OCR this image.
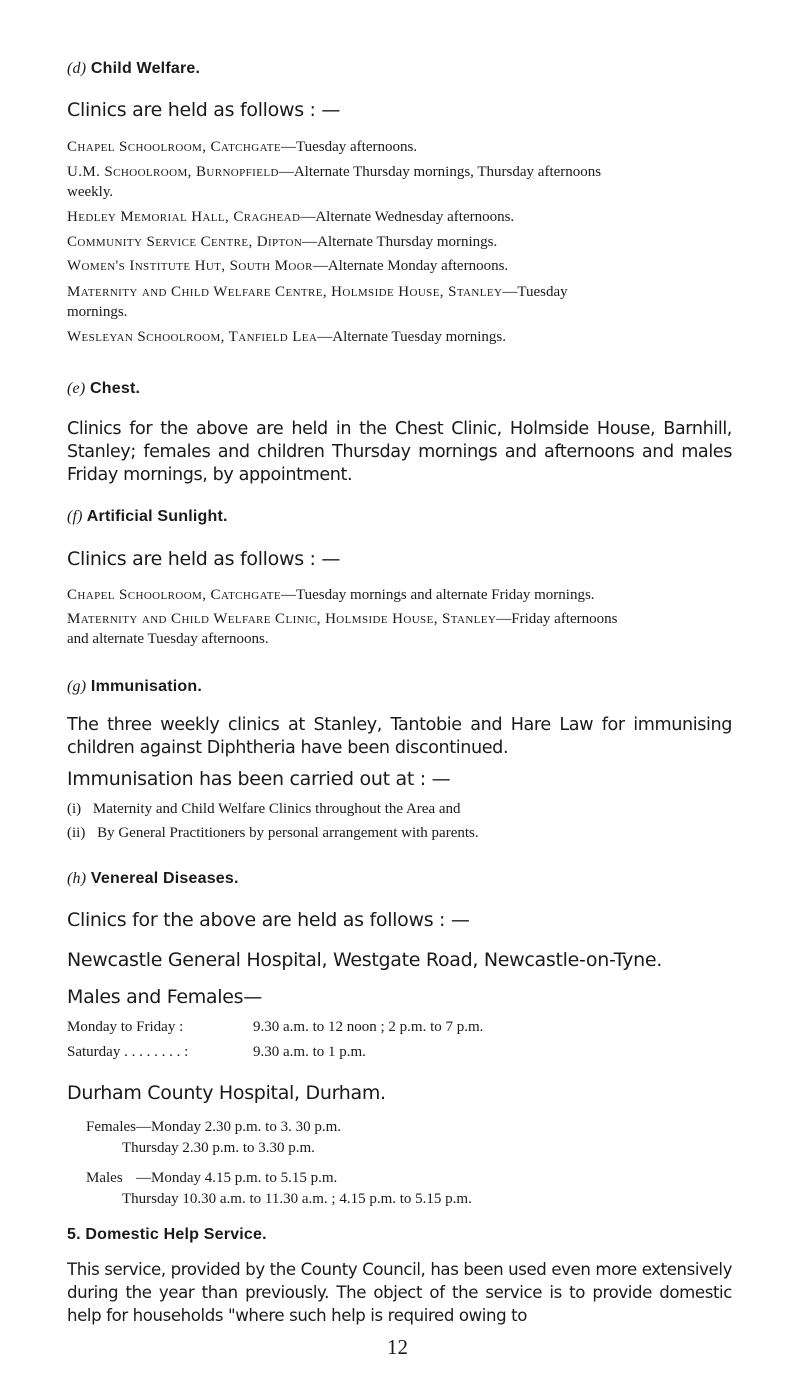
(d) Child Welfare.
Clinics are held as follows : —
Chapel Schoolroom, Catchgate—Tuesday afternoons.
U.M. Schoolroom, Burnopfield—Alternate Thursday mornings, Thursday afternoons
weekly.
Hedley Memorial Hall, Craghead—Alternate Wednesday afternoons.
Community Service Centre, Dipton—Alternate Thursday mornings.
Women's Institute Hut, South Moor—Alternate Monday afternoons.
Maternity and Child Welfare Centre, Holmside House, Stanley—Tuesday
mornings.
Wesleyan Schoolroom, Tanfield Lea—Alternate Tuesday mornings.
(e) Chest.
Clinics for the above are held in the Chest Clinic, Holmside House, Barnhill, Stanley; females and children Thursday mornings and afternoons and males Friday mornings, by appointment.
(f) Artificial Sunlight.
Clinics are held as follows : —
Chapel Schoolroom, Catchgate—Tuesday mornings and alternate Friday mornings.
Maternity and Child Welfare Clinic, Holmside House, Stanley—Friday afternoons
and alternate Tuesday afternoons.
(g) Immunisation.
The three weekly clinics at Stanley, Tantobie and Hare Law for immunising children against Diphtheria have been discontinued.
Immunisation has been carried out at : —
(i) Maternity and Child Welfare Clinics throughout the Area and
(ii) By General Practitioners by personal arrangement with parents.
(h) Venereal Diseases.
Clinics for the above are held as follows : —
Newcastle General Hospital, Westgate Road, Newcastle-on-Tyne.
Males and Females—
Monday to Friday :	9.30 a.m. to 12 noon ; 2 p.m. to 7 p.m.
Saturday . . . . . . . . :	9.30 a.m. to 1 p.m.
Durham County Hospital, Durham.
Females—Monday 2.30 p.m. to 3. 30 p.m.
Thursday 2.30 p.m. to 3.30 p.m.
Males —Monday 4.15 p.m. to 5.15 p.m.
Thursday 10.30 a.m. to 11.30 a.m. ; 4.15 p.m. to 5.15 p.m.
5. Domestic Help Service.
12
This service, provided by the County Council, has been used even more extensively during the year than previously. The object of the service is to provide domestic help for households "where such help is required owing to
